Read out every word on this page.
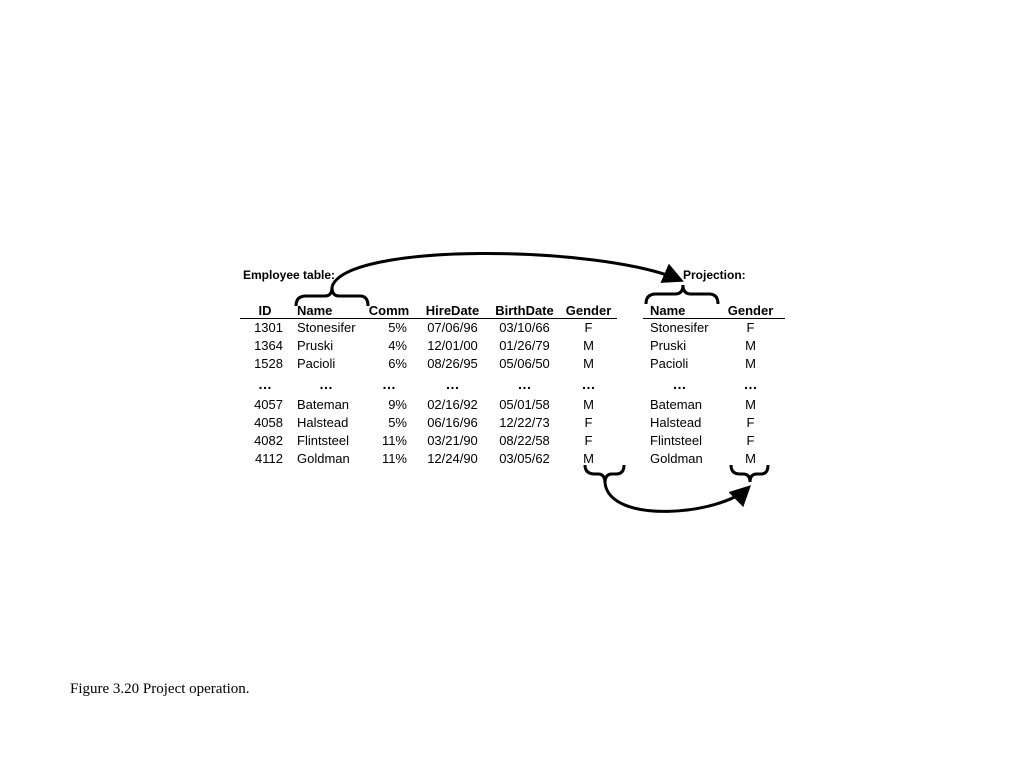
Employee table:	Projection:
ID	Name	Comm	HireDate	BirthDate	Gender
1301	Stonesifer	5%	07/06/96	03/10/66	F
1364	Pruski	4%	12/01/00	01/26/79	M
1528	Pacioli	6%	08/26/95	05/06/50	M
…	…	…	…	…	…
4057	Bateman	9%	02/16/92	05/01/58	M
4058	Halstead	5%	06/16/96	12/22/73	F
4082	Flintsteel	11%	03/21/90	08/22/58	F
4112	Goldman	11%	12/24/90	03/05/62	M
Name	Gender
Stonesifer	F
Pruski	M
Pacioli	M
…	…
Bateman	M
Halstead	F
Flintsteel	F
Goldman	M
Figure 3.20 Project operation.
